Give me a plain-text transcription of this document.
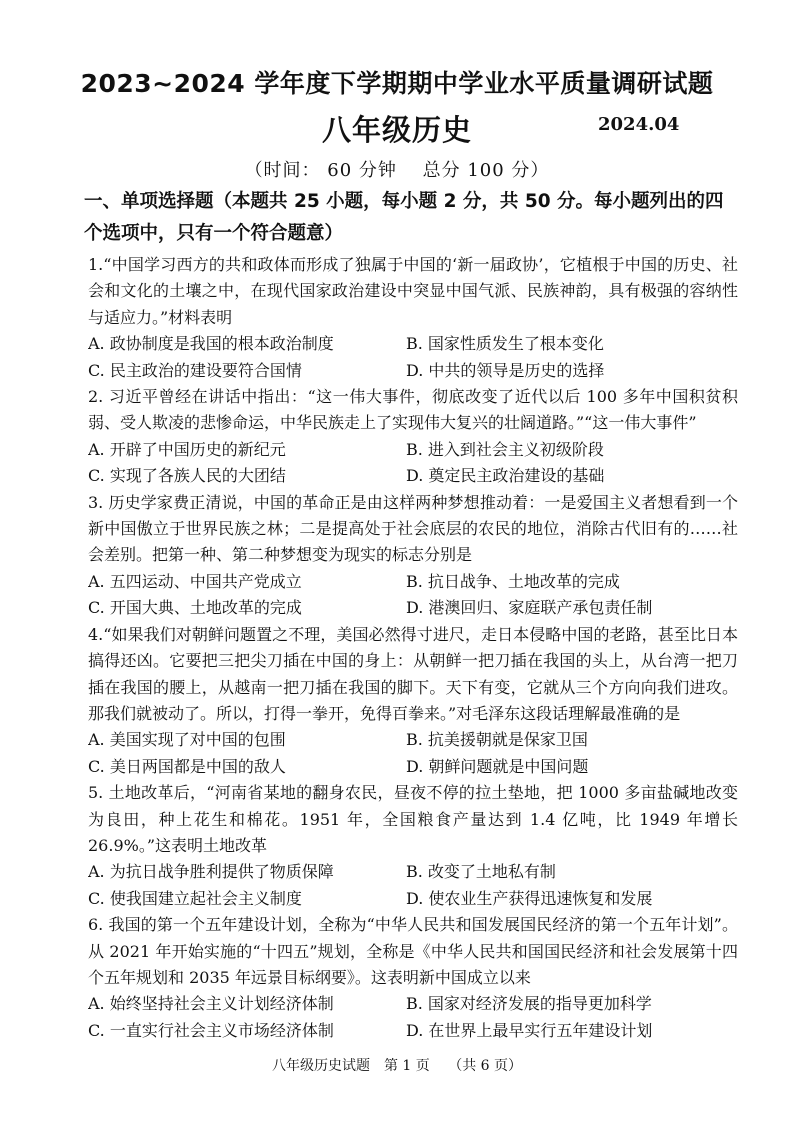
2023~2024 学年度下学期期中学业水平质量调研试题
八年级历史	2024.04
（时间： 60 分钟　 总分 100 分）
一、单项选择题（本题共 25 小题，每小题 2 分，共 50 分。每小题列出的四个选项中，只有一个符合题意）

1.“中国学习西方的共和政体而形成了独属于中国的‘新一届政协’，它植根于中国的历史、社会和文化的土壤之中，在现代国家政治建设中突显中国气派、民族神韵，具有极强的容纳性与适应力。”材料表明

A. 政协制度是我国的根本政治制度	B. 国家性质发生了根本变化
C. 民主政治的建设要符合国情	D. 中共的领导是历史的选择

2. 习近平曾经在讲话中指出：“这一伟大事件，彻底改变了近代以后 100 多年中国积贫积弱、受人欺凌的悲惨命运，中华民族走上了实现伟大复兴的壮阔道路。”“这一伟大事件”

A. 开辟了中国历史的新纪元	B. 进入到社会主义初级阶段
C. 实现了各族人民的大团结	D. 奠定民主政治建设的基础

3. 历史学家费正清说，中国的革命正是由这样两种梦想推动着：一是爱国主义者想看到一个新中国傲立于世界民族之林；二是提高处于社会底层的农民的地位，消除古代旧有的……社会差别。把第一种、第二种梦想变为现实的标志分别是

A. 五四运动、中国共产党成立	B. 抗日战争、土地改革的完成
C. 开国大典、土地改革的完成	D. 港澳回归、家庭联产承包责任制

4.“如果我们对朝鲜问题置之不理，美国必然得寸进尺，走日本侵略中国的老路，甚至比日本搞得还凶。它要把三把尖刀插在中国的身上：从朝鲜一把刀插在我国的头上，从台湾一把刀插在我国的腰上，从越南一把刀插在我国的脚下。天下有变，它就从三个方向向我们进攻。那我们就被动了。所以，打得一拳开，免得百拳来。”对毛泽东这段话理解最准确的是

A. 美国实现了对中国的包围	B. 抗美援朝就是保家卫国
C. 美日两国都是中国的敌人	D. 朝鲜问题就是中国问题

5. 土地改革后，“河南省某地的翻身农民，昼夜不停的拉土垫地，把 1000 多亩盐碱地改变为良田，种上花生和棉花。1951 年，全国粮食产量达到 1.4 亿吨，比 1949 年增长 26.9%。”这表明土地改革

A. 为抗日战争胜利提供了物质保障	B. 改变了土地私有制
C. 使我国建立起社会主义制度	D. 使农业生产获得迅速恢复和发展

6. 我国的第一个五年建设计划，全称为“中华人民共和国发展国民经济的第一个五年计划”。从 2021 年开始实施的“十四五”规划，全称是《中华人民共和国国民经济和社会发展第十四个五年规划和 2035 年远景目标纲要》。这表明新中国成立以来

A. 始终坚持社会主义计划经济体制	B. 国家对经济发展的指导更加科学
C. 一直实行社会主义市场经济体制	D. 在世界上最早实行五年建设计划
八年级历史试题　第 1 页　 （共 6 页）
